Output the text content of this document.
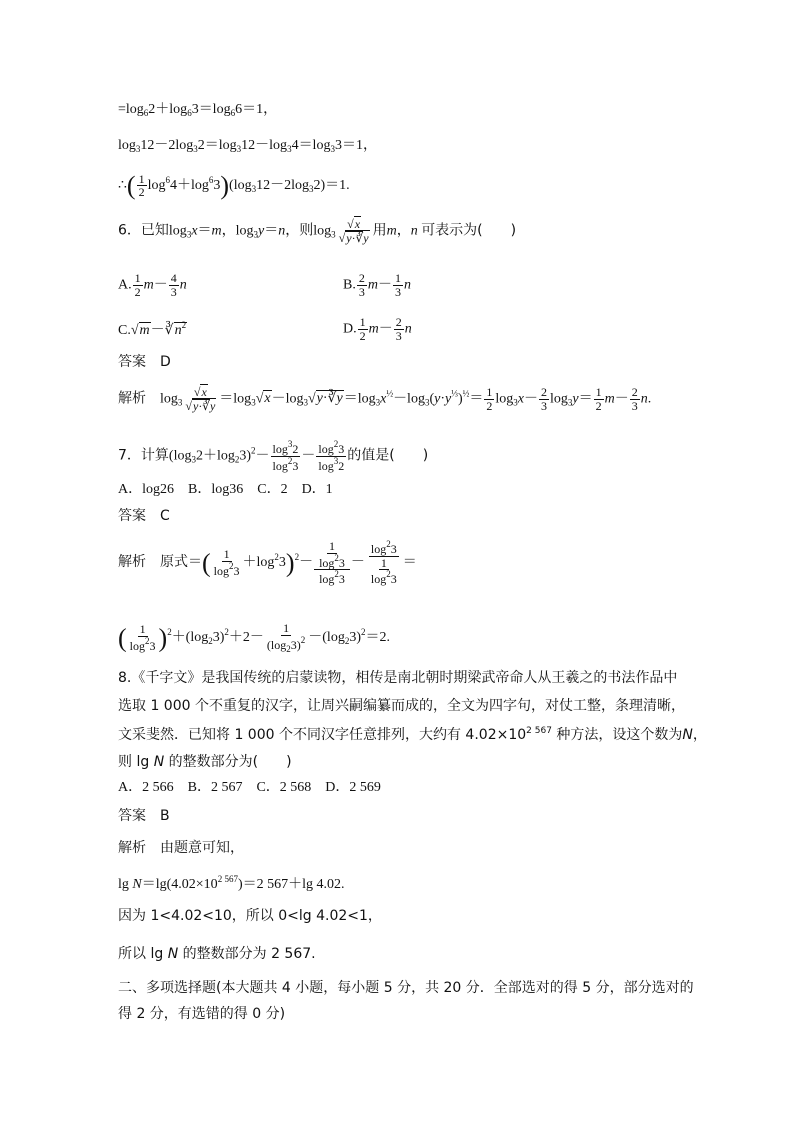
$=\log_62+\log_63=\log_66=1$，
$\log_312-2\log_32=\log_312-\log_34=\log_33=1$，
∴( $\frac{1}{2} \log^64+\log^63)(\log_312-2\log_32)=1$.
6．已知$\log_3x=m$，$\log_3y=n$，则$\log_3 \frac{√x}{√y\cdot∛y}$ 用m，n 可表示为(　　)
A. $\frac{1}{2} m- \frac{4}{3}$ n	B. $\frac{2}{3} m- \frac{1}{3}$ n
$C.√m-∛n^2$	D. $\frac{1}{2} m- \frac{2}{3}$ n
答案　D
解析　$\log_3 \frac{√x}{√y\cdot∛y}$ $=\log_3√x-\log_3√y\cdot∛y=\log_3x^{\frac{1}{2}}-\log_3(y\cdot y^{\frac{1}{3}})^{\frac{1}{2}}= \frac{1}{2} \log_3x- \frac{2}{3} \log_3y= \frac{1}{2} m- \frac{2}{3} n$.
7．计算$(\log_32+\log_23)^2- \frac{\log^32}{\log^23} - \frac{\log^23}{\log^32}$ 的值是(　　)
A．log26　B．log36　C．2　D．1
答案　C
解析　 原式＝( $\frac{1}{\log^23} +\log^23)^2- \frac{\frac{1}{\log^23}}{\log^23} - \frac{\log^23}{\frac{1}{\log^23}}$ ＝
( $\frac{1}{\log^23} )^2+(\log_23)^2+2- \frac{1}{(\log_23)^2} -(\log_23)^2=2$.
8.《千字文》是我国传统的启蒙读物，相传是南北朝时期梁武帝命人从王羲之的书法作品中
选取 1 000 个不重复的汉字，让周兴嗣编纂而成的，全文为四字句，对仗工整，条理清晰，
文采斐然．已知将 1 000 个不同汉字任意排列，大约有 $4.02\times 10^{2 567}$ 种方法，设这个数为N，
则 lg N 的整数部分为(　　)
A．2 566　B．2 567　C．2 568　D．2 569
答案　B
解析　由题意可知，
$\lg N=\lg(4.02\times 10^{2 567})=2$ 567＋lg 4.02.
因为 1<4.02<10，所以 0<lg 4.02<1，
所以 lg N 的整数部分为 2 567.
二、多项选择题(本大题共 4 小题，每小题 5 分，共 20 分．全部选对的得 5 分，部分选对的
得 2 分，有选错的得 0 分)
